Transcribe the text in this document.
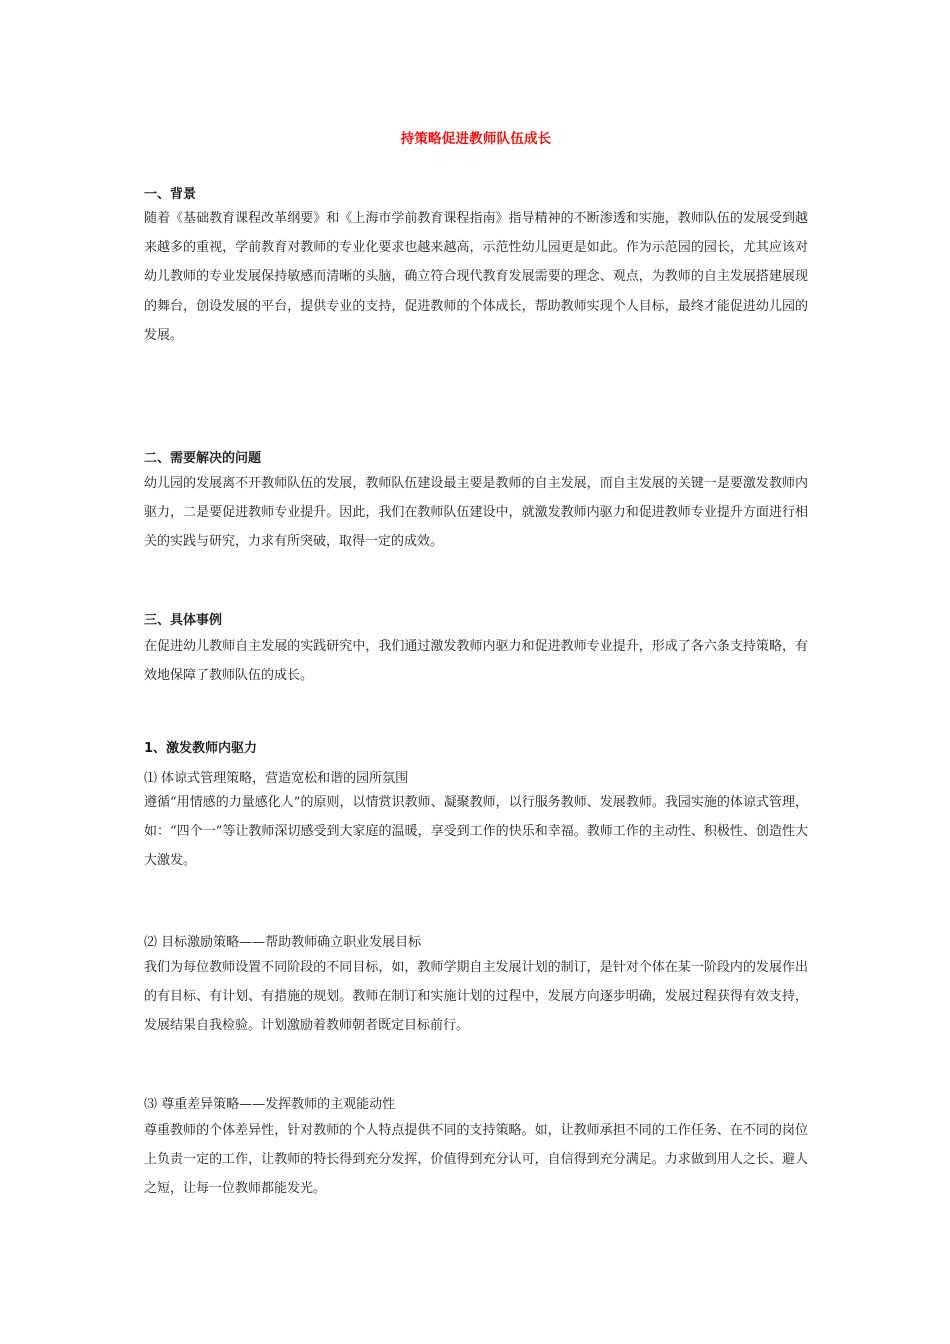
持策略促进教师队伍成长
一、背景
随着《基础教育课程改革纲要》和《上海市学前教育课程指南》指导精神的不断渗透和实施，教师队伍的发展受到越来越多的重视，学前教育对教师的专业化要求也越来越高，示范性幼儿园更是如此。作为示范园的园长，尤其应该对幼儿教师的专业发展保持敏感而清晰的头脑，确立符合现代教育发展需要的理念、观点，为教师的自主发展搭建展现的舞台，创设发展的平台，提供专业的支持，促进教师的个体成长，帮助教师实现个人目标，最终才能促进幼儿园的发展。
二、需要解决的问题
幼儿园的发展离不开教师队伍的发展，教师队伍建设最主要是教师的自主发展，而自主发展的关键一是要激发教师内驱力，二是要促进教师专业提升。因此，我们在教师队伍建设中，就激发教师内驱力和促进教师专业提升方面进行相关的实践与研究，力求有所突破，取得一定的成效。
三、具体事例
在促进幼儿教师自主发展的实践研究中，我们通过激发教师内驱力和促进教师专业提升，形成了各六条支持策略，有效地保障了教师队伍的成长。
1、激发教师内驱力
⑴ 体谅式管理策略，营造宽松和谐的园所氛围
遵循“用情感的力量感化人”的原则，以情赏识教师、凝聚教师，以行服务教师、发展教师。我园实施的体谅式管理，如：“四个一”等让教师深切感受到大家庭的温暖，享受到工作的快乐和幸福。教师工作的主动性、积极性、创造性大大激发。
⑵ 目标激励策略——帮助教师确立职业发展目标
我们为每位教师设置不同阶段的不同目标，如，教师学期自主发展计划的制订，是针对个体在某一阶段内的发展作出的有目标、有计划、有措施的规划。教师在制订和实施计划的过程中，发展方向逐步明确，发展过程获得有效支持，发展结果自我检验。计划激励着教师朝者既定目标前行。
⑶ 尊重差异策略——发挥教师的主观能动性
尊重教师的个体差异性，针对教师的个人特点提供不同的支持策略。如，让教师承担不同的工作任务、在不同的岗位上负责一定的工作，让教师的特长得到充分发挥，价值得到充分认可，自信得到充分满足。力求做到用人之长、避人之短，让每一位教师都能发光。
